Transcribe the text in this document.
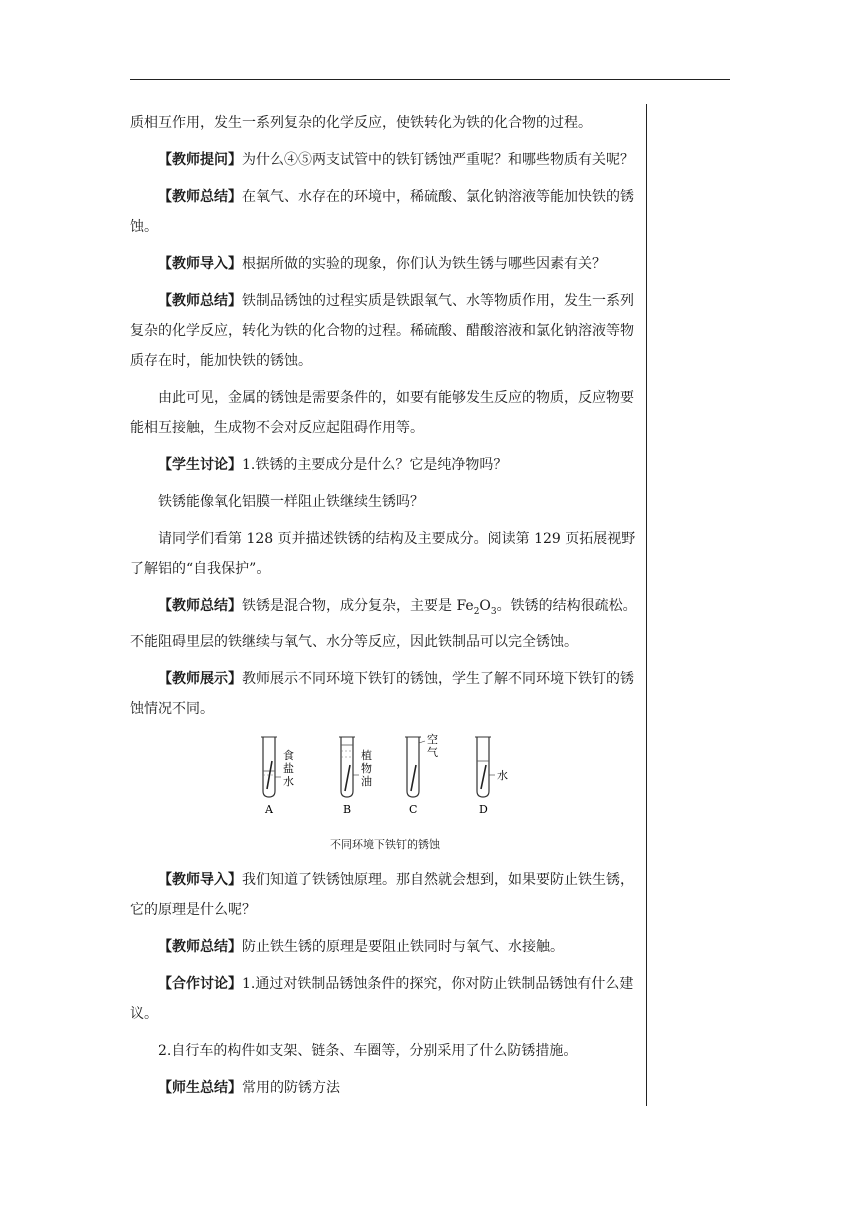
质相互作用，发生一系列复杂的化学反应，使铁转化为铁的化合物的过程。

【教师提问】为什么④⑤两支试管中的铁钉锈蚀严重呢？和哪些物质有关呢？

【教师总结】在氧气、水存在的环境中，稀硫酸、氯化钠溶液等能加快铁的锈蚀。

【教师导入】根据所做的实验的现象，你们认为铁生锈与哪些因素有关？

【教师总结】铁制品锈蚀的过程实质是铁跟氧气、水等物质作用，发生一系列复杂的化学反应，转化为铁的化合物的过程。稀硫酸、醋酸溶液和氯化钠溶液等物质存在时，能加快铁的锈蚀。

由此可见，金属的锈蚀是需要条件的，如要有能够发生反应的物质，反应物要能相互接触，生成物不会对反应起阻碍作用等。

【学生讨论】1.铁锈的主要成分是什么？它是纯净物吗？

铁锈能像氧化铝膜一样阻止铁继续生锈吗？

请同学们看第 128 页并描述铁锈的结构及主要成分。阅读第 129 页拓展视野了解铝的“自我保护”。

【教师总结】铁锈是混合物，成分复杂，主要是 $Fe_2O_3$。铁锈的结构很疏松。不能阻碍里层的铁继续与氧气、水分等反应，因此铁制品可以完全锈蚀。

【教师展示】教师展示不同环境下铁钉的锈蚀，学生了解不同环境下铁钉的锈蚀情况不同。

食
盐
水
A
植
物
油
B
空
气
C
水
D

不同环境下铁钉的锈蚀

【教师导入】我们知道了铁锈蚀原理。那自然就会想到，如果要防止铁生锈，它的原理是什么呢？

【教师总结】防止铁生锈的原理是要阻止铁同时与氧气、水接触。

【合作讨论】1.通过对铁制品锈蚀条件的探究，你对防止铁制品锈蚀有什么建议。

2.自行车的构件如支架、链条、车圈等，分别采用了什么防锈措施。

【师生总结】常用的防锈方法
